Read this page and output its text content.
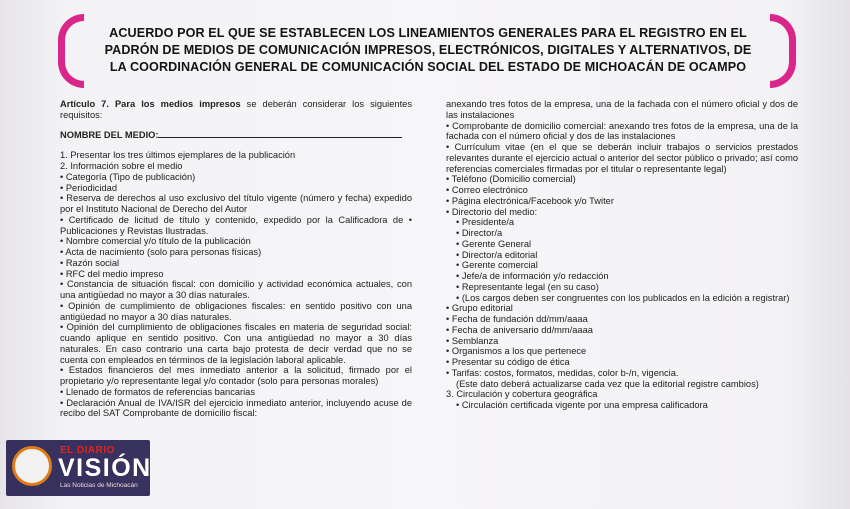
ACUERDO POR EL QUE SE ESTABLECEN LOS LINEAMIENTOS GENERALES PARA EL REGISTRO EN EL
PADRÓN DE MEDIOS DE COMUNICACIÓN IMPRESOS, ELECTRÓNICOS, DIGITALES Y ALTERNATIVOS, DE
LA COORDINACIÓN GENERAL DE COMUNICACIÓN SOCIAL DEL ESTADO DE MICHOACÁN DE OCAMPO

Artículo 7. Para los medios impresos se deberán considerar los siguientes requisitos:

NOMBRE DEL MEDIO:

1. Presentar los tres últimos ejemplares de la publicación

2. Información sobre el medio

• Categoría (Tipo de publicación)

• Periodicidad

• Reserva de derechos al uso exclusivo del título vigente (número y fecha) expedido por el Instituto Nacional de Derecho del Autor

• Certificado de licitud de título y contenido, expedido por la Calificadora de • Publicaciones y Revistas Ilustradas.

• Nombre comercial y/o título de la publicación

• Acta de nacimiento (solo para personas físicas)

• Razón social

• RFC del medio impreso

• Constancia de situación fiscal: con domicilio y actividad económica actuales, con una antigüedad no mayor a 30 días naturales.

• Opinión de cumplimiento de obligaciones fiscales: en sentido positivo con una antigüedad no mayor a 30 días naturales.

• Opinión del cumplimiento de obligaciones fiscales en materia de seguridad social: cuando aplique en sentido positivo. Con una antigüedad no mayor a 30 días naturales. En caso contrario una carta bajo protesta de decir verdad que no se cuenta con empleados en términos de la legislación laboral aplicable.

• Estados financieros del mes inmediato anterior a la solicitud, firmado por el propietario y/o representante legal y/o contador (solo para personas morales)

• Llenado de formatos de referencias bancarias

• Declaración Anual de IVA/ISR del ejercicio inmediato anterior, incluyendo acuse de recibo del SAT Comprobante de domicilio fiscal:

anexando tres fotos de la empresa, una de la fachada con el número oficial y dos de las instalaciones

• Comprobante de domicilio comercial: anexando tres fotos de la empresa, una de la fachada con el número oficial y dos de las instalaciones

• Currículum vitae (en el que se deberán incluir trabajos o servicios prestados relevantes durante el ejercicio actual o anterior del sector público o privado; así como referencias comerciales firmadas por el titular o representante legal)

• Teléfono (Domicilio comercial)

• Correo electrónico

• Página electrónica/Facebook y/o Twiter

• Directorio del medio:

• Presidente/a

• Director/a

• Gerente General

• Director/a editorial

• Gerente comercial

• Jefe/a de información y/o redacción

• Representante legal (en su caso)

• (Los cargos deben ser congruentes con los publicados en la edición a registrar)

• Grupo editorial

• Fecha de fundación dd/mm/aaaa

• Fecha de aniversario dd/mm/aaaa

• Semblanza

• Organismos a los que pertenece

• Presentar su código de ética

• Tarifas: costos, formatos, medidas, color b-/n, vigencia.

(Este dato deberá actualizarse cada vez que la editorial registre cambios)

3. Circulación y cobertura geográfica

• Circulación certificada vigente por una empresa calificadora

EL DIARIO
VISIÓN
Las Noticias de Michoacán
